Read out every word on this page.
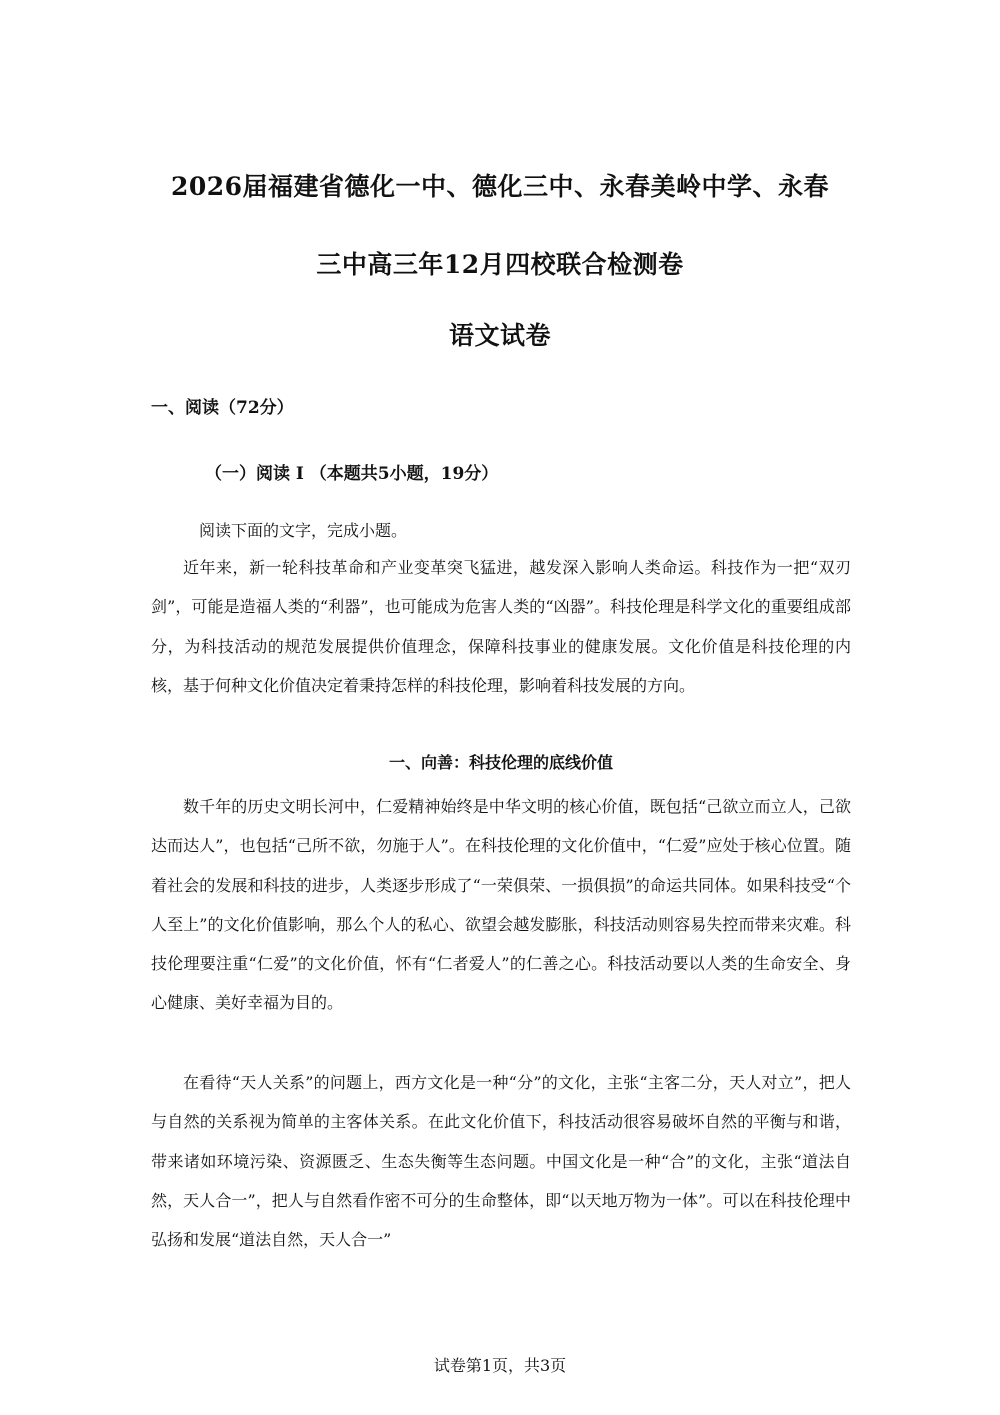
2026届福建省德化一中、德化三中、永春美岭中学、永春
三中高三年12月四校联合检测卷
语文试卷
一、阅读（72分）
（一）阅读 I （本题共5小题，19分）
阅读下面的文字，完成小题。

近年来，新一轮科技革命和产业变革突飞猛进，越发深入影响人类命运。科技作为一把“双刃剑”，可能是造福人类的“利器”，也可能成为危害人类的“凶器”。科技伦理是科学文化的重要组成部分，为科技活动的规范发展提供价值理念，保障科技事业的健康发展。文化价值是科技伦理的内核，基于何种文化价值决定着秉持怎样的科技伦理，影响着科技发展的方向。

一、向善：科技伦理的底线价值

数千年的历史文明长河中，仁爱精神始终是中华文明的核心价值，既包括“己欲立而立人，己欲达而达人”，也包括“己所不欲，勿施于人”。在科技伦理的文化价值中，“仁爱”应处于核心位置。随着社会的发展和科技的进步，人类逐步形成了“一荣俱荣、一损俱损”的命运共同体。如果科技受“个人至上”的文化价值影响，那么个人的私心、欲望会越发膨胀，科技活动则容易失控而带来灾难。科技伦理要注重“仁爱”的文化价值，怀有“仁者爱人”的仁善之心。科技活动要以人类的生命安全、身心健康、美好幸福为目的。

在看待“天人关系”的问题上，西方文化是一种“分”的文化，主张“主客二分，天人对立”，把人与自然的关系视为简单的主客体关系。在此文化价值下，科技活动很容易破坏自然的平衡与和谐，带来诸如环境污染、资源匮乏、生态失衡等生态问题。中国文化是一种“合”的文化，主张“道法自然，天人合一”，把人与自然看作密不可分的生命整体，即“以天地万物为一体”。可以在科技伦理中弘扬和发展“道法自然，天人合一”

试卷第1页，共3页
